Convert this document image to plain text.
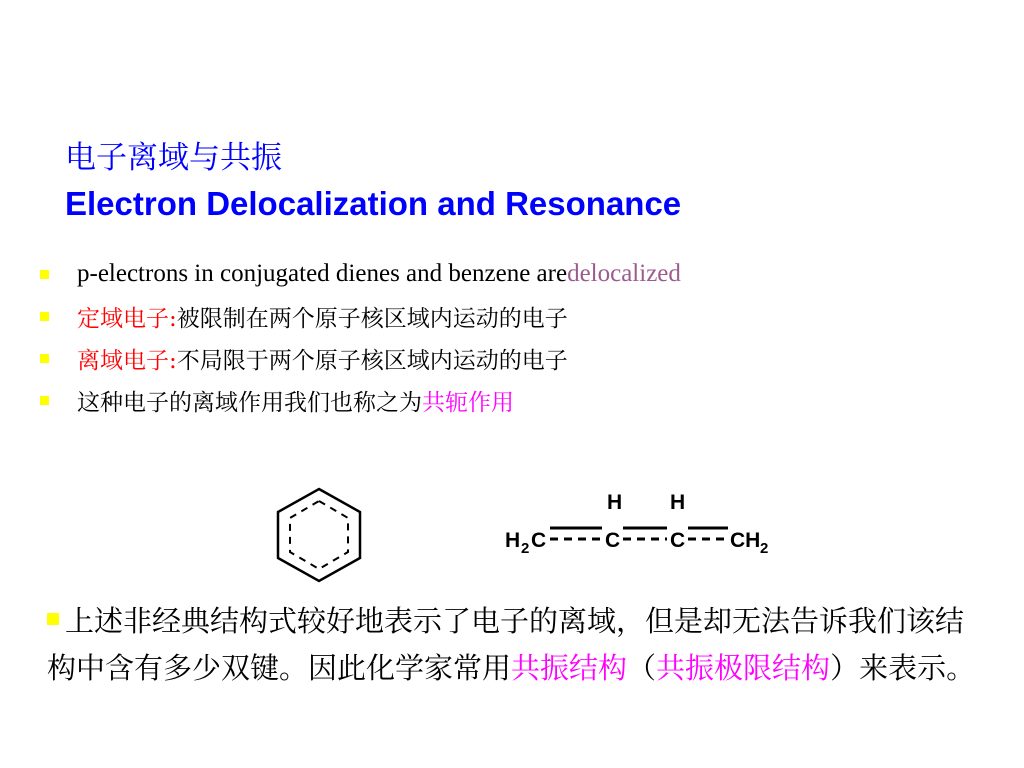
电子离域与共振
Electron Delocalization and Resonance
p-electrons in conjugated dienes and benzene are delocalized
定域电子: 被限制在两个原子核区域内运动的电子
离域电子: 不局限于两个原子核区域内运动的电子
这种电子的离域作用我们也称之为 共轭作用
H H
H 2 C	C C CH 2
上述非经典结构式较好地表示了电子的离域，但是却无法告诉我们该结构中含有多少双键。因此化学家常用共振结构（共振极限结构）来表示。
